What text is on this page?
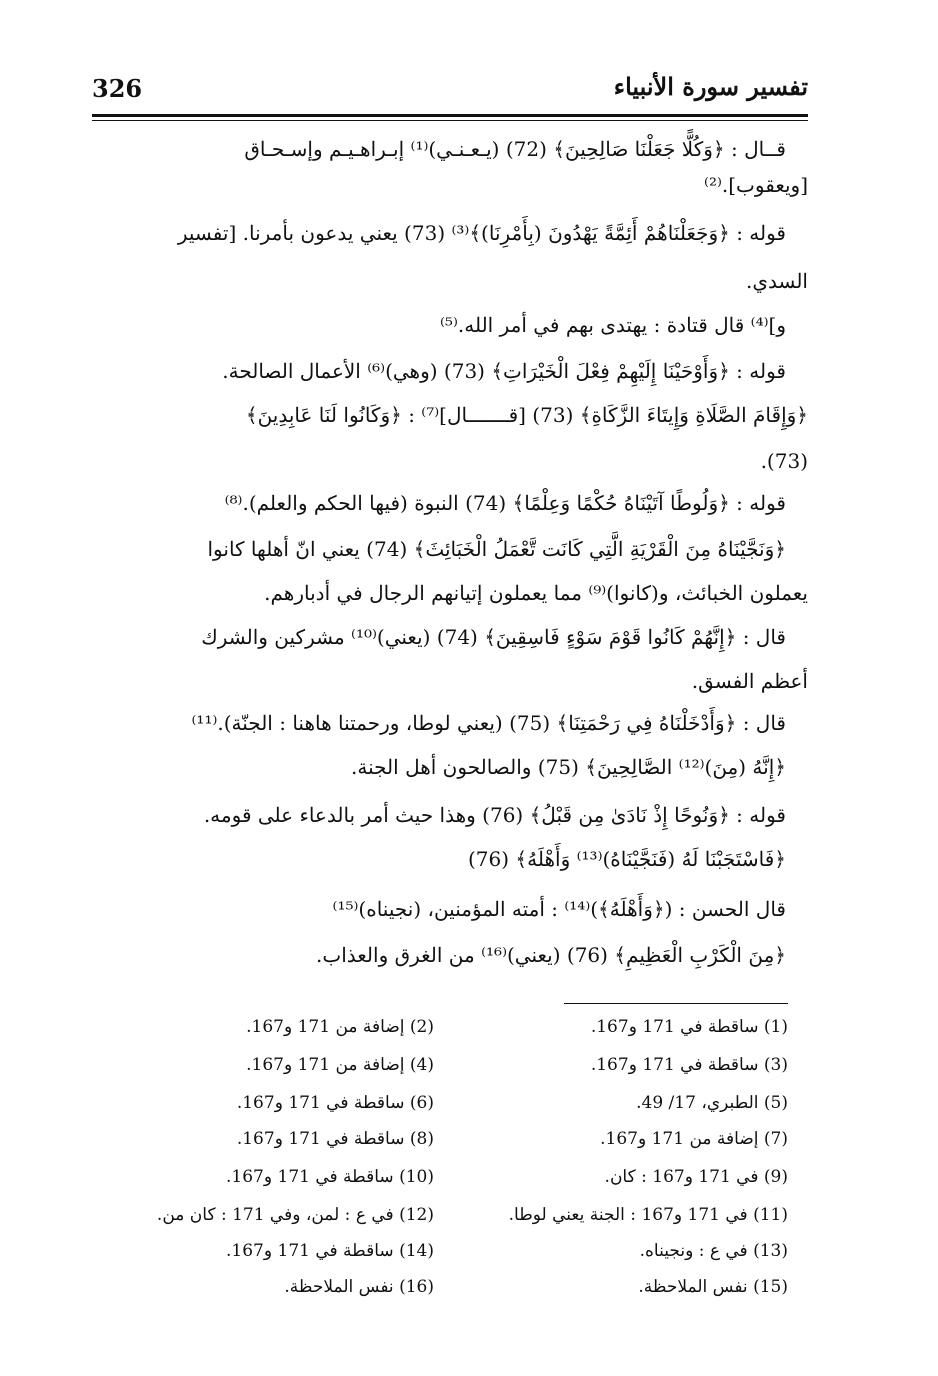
326	تفسير سورة الأنبياء
قــال : ﴿وَكُلًّا جَعَلْنَا صَالِحِينَ﴾ (72) (يـعـنـي)⁽¹⁾ إبـراهـيـم وإسـحـاق
[ويعقوب].⁽²⁾
قوله : ﴿وَجَعَلْنَاهُمْ أَئِمَّةً يَهْدُونَ (بِأَمْرِنَا)﴾⁽³⁾ (73) يعني يدعون بأمرنا. [تفسير
السدي.
و]⁽⁴⁾ قال قتادة : يهتدى بهم في أمر الله.⁽⁵⁾
قوله : ﴿وَأَوْحَيْنَا إِلَيْهِمْ فِعْلَ الْخَيْرَاتِ﴾ (73) (وهي)⁽⁶⁾ الأعمال الصالحة.
﴿وَإِقَامَ الصَّلَاةِ وَإِيتَاءَ الزَّكَاةِ﴾ (73) [قـــــــال]⁽⁷⁾ : ﴿وَكَانُوا لَنَا عَابِدِينَ﴾
(73).
قوله : ﴿وَلُوطًا آتَيْنَاهُ حُكْمًا وَعِلْمًا﴾ (74) النبوة (فيها الحكم والعلم).⁽⁸⁾
﴿وَنَجَّيْنَاهُ مِنَ الْقَرْيَةِ الَّتِي كَانَت تَّعْمَلُ الْخَبَائِثَ﴾ (74) يعني انّ أهلها كانوا
يعملون الخبائث، و(كانوا)⁽⁹⁾ مما يعملون إتيانهم الرجال في أدبارهم.
قال : ﴿إِنَّهُمْ كَانُوا قَوْمَ سَوْءٍ فَاسِقِينَ﴾ (74) (يعني)⁽¹⁰⁾ مشركين والشرك
أعظم الفسق.
قال : ﴿وَأَدْخَلْنَاهُ فِي رَحْمَتِنَا﴾ (75) (يعني لوطا، ورحمتنا هاهنا : الجنّة).⁽¹¹⁾
﴿إِنَّهُ (مِنَ)⁽¹²⁾ الصَّالِحِينَ﴾ (75) والصالحون أهل الجنة.
قوله : ﴿وَنُوحًا إِذْ نَادَىٰ مِن قَبْلُ﴾ (76) وهذا حيث أمر بالدعاء على قومه.
﴿فَاسْتَجَبْنَا لَهُ (فَنَجَّيْنَاهُ)⁽¹³⁾ وَأَهْلَهُ﴾ (76)
قال الحسن : (﴿وَأَهْلَهُ﴾)⁽¹⁴⁾ : أمته المؤمنين، (نجيناه)⁽¹⁵⁾
﴿مِنَ الْكَرْبِ الْعَظِيمِ﴾ (76) (يعني)⁽¹⁶⁾ من الغرق والعذاب.
(1) ساقطة في 171 و167.
(2) إضافة من 171 و167.
(3) ساقطة في 171 و167.
(4) إضافة من 171 و167.
(5) الطبري، 17/ 49.
(6) ساقطة في 171 و167.
(7) إضافة من 171 و167.
(8) ساقطة في 171 و167.
(9) في 171 و167 : كان.
(10) ساقطة في 171 و167.
(11) في 171 و167 : الجنة يعني لوطا.
(12) في ع : لمن، وفي 171 : كان من.
(13) في ع : ونجيناه.
(14) ساقطة في 171 و167.
(15) نفس الملاحظة.
(16) نفس الملاحظة.
